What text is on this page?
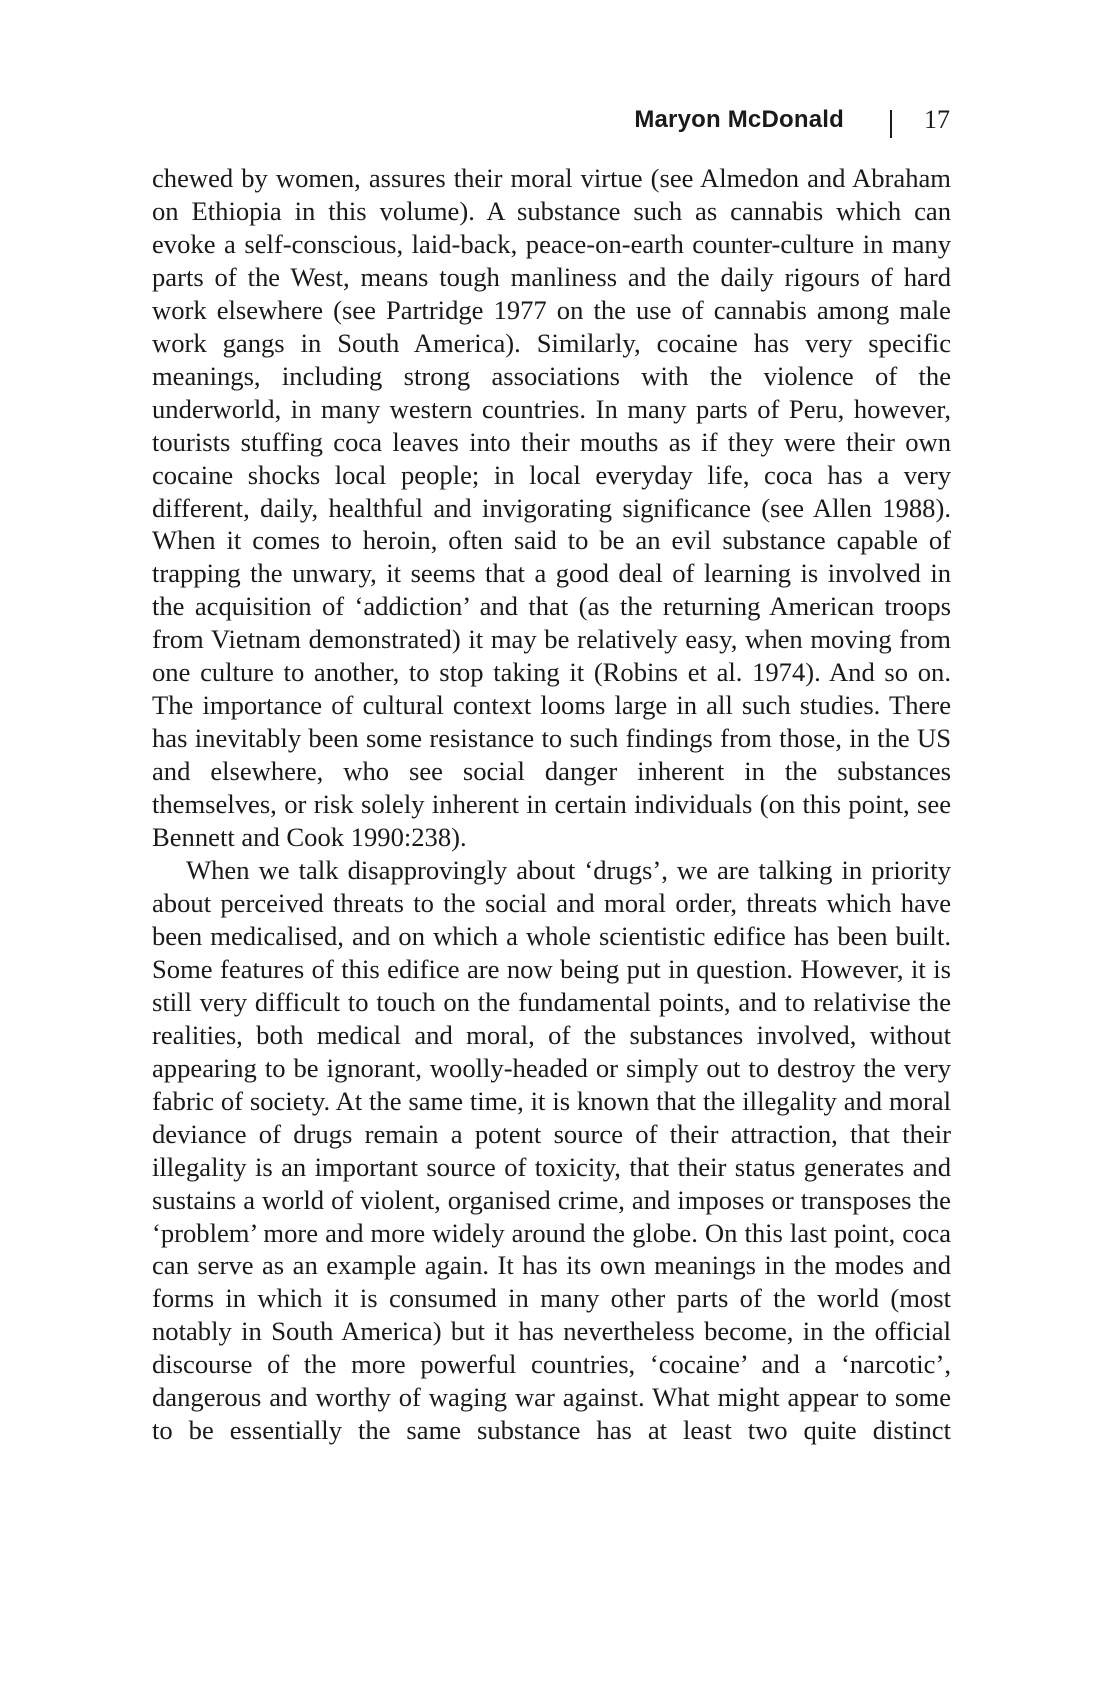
Maryon McDonald	17

chewed by women, assures their moral virtue (see Almedon and Abraham on Ethiopia in this volume). A substance such as cannabis which can evoke a self-conscious, laid-back, peace-on-earth counter-culture in many parts of the West, means tough manliness and the daily rigours of hard work elsewhere (see Partridge 1977 on the use of cannabis among male work gangs in South America). Similarly, cocaine has very specific meanings, including strong associations with the violence of the underworld, in many western countries. In many parts of Peru, however, tourists stuffing coca leaves into their mouths as if they were their own cocaine shocks local people; in local everyday life, coca has a very different, daily, healthful and invigorating significance (see Allen 1988). When it comes to heroin, often said to be an evil substance capable of trapping the unwary, it seems that a good deal of learning is involved in the acquisition of ‘addiction’ and that (as the returning American troops from Vietnam demonstrated) it may be relatively easy, when moving from one culture to another, to stop taking it (Robins et al. 1974). And so on. The importance of cultural context looms large in all such studies. There has inevitably been some resistance to such findings from those, in the US and elsewhere, who see social danger inherent in the substances themselves, or risk solely inherent in certain individuals (on this point, see Bennett and Cook 1990:238).

When we talk disapprovingly about ‘drugs’, we are talking in priority about perceived threats to the social and moral order, threats which have been medicalised, and on which a whole scientistic edifice has been built. Some features of this edifice are now being put in question. However, it is still very difficult to touch on the fundamental points, and to relativise the realities, both medical and moral, of the substances involved, without appearing to be ignorant, woolly-headed or simply out to destroy the very fabric of society. At the same time, it is known that the illegality and moral deviance of drugs remain a potent source of their attraction, that their illegality is an important source of toxicity, that their status generates and sustains a world of violent, organised crime, and imposes or transposes the ‘problem’ more and more widely around the globe. On this last point, coca can serve as an example again. It has its own meanings in the modes and forms in which it is consumed in many other parts of the world (most notably in South America) but it has nevertheless become, in the official discourse of the more powerful countries, ‘cocaine’ and a ‘narcotic’, dangerous and worthy of waging war against. What might appear to some to be essentially the same substance has at least two quite distinct
